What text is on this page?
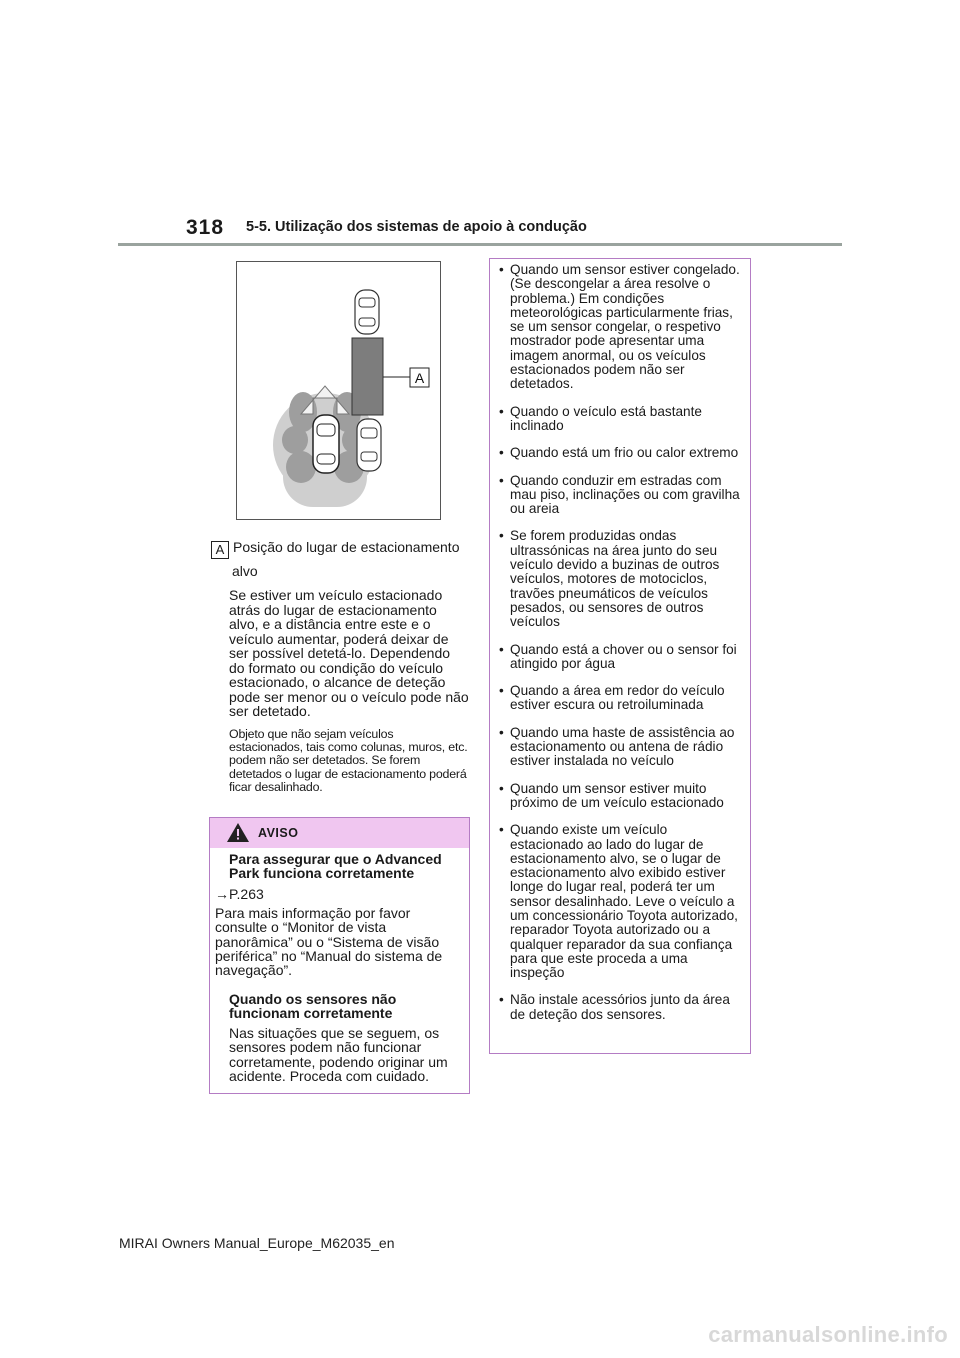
318 5-5. Utilização dos sistemas de apoio à condução
A
A Posição do lugar de estacionamento
alvo
Se estiver um veículo estacionado atrás do lugar de estacionamento alvo, e a distância entre este e o veículo aumentar, poderá deixar de ser possível detetá-lo. Dependendo do formato ou condição do veículo estacionado, o alcance de deteção pode ser menor ou o veículo pode não ser detetado.
Objeto que não sejam veículos estacionados, tais como colunas, muros, etc. podem não ser detetados. Se forem detetados o lugar de estacionamento poderá ficar desalinhado.
AVISO
Para assegurar que o Advanced Park funciona corretamente
→P.263
Para mais informação por favor consulte o “Monitor de vista panorâmica” ou o “Sistema de visão periférica” no “Manual do sistema de navegação”.
Quando os sensores não funcionam corretamente
Nas situações que se seguem, os sensores podem não funcionar corretamente, podendo originar um acidente. Proceda com cuidado.
• Quando um sensor estiver congelado. (Se descongelar a área resolve o problema.) Em condições meteorológicas particularmente frias, se um sensor congelar, o respetivo mostrador pode apresentar uma imagem anormal, ou os veículos estacionados podem não ser detetados.
• Quando o veículo está bastante inclinado
• Quando está um frio ou calor extremo
• Quando conduzir em estradas com mau piso, inclinações ou com gravilha ou areia
• Se forem produzidas ondas ultrassónicas na área junto do seu veículo devido a buzinas de outros veículos, motores de motociclos, travões pneumáticos de veículos pesados, ou sensores de outros veículos
• Quando está a chover ou o sensor foi atingido por água
• Quando a área em redor do veículo estiver escura ou retroiluminada
• Quando uma haste de assistência ao estacionamento ou antena de rádio estiver instalada no veículo
• Quando um sensor estiver muito próximo de um veículo estacionado
• Quando existe um veículo estacionado ao lado do lugar de estacionamento alvo, se o lugar de estacionamento alvo exibido estiver longe do lugar real, poderá ter um sensor desalinhado. Leve o veículo a um concessionário Toyota autorizado, reparador Toyota autorizado ou a qualquer reparador da sua confiança para que este proceda a uma inspeção
• Não instale acessórios junto da área de deteção dos sensores.
MIRAI Owners Manual_Europe_M62035_en
carmanualsonline.info
